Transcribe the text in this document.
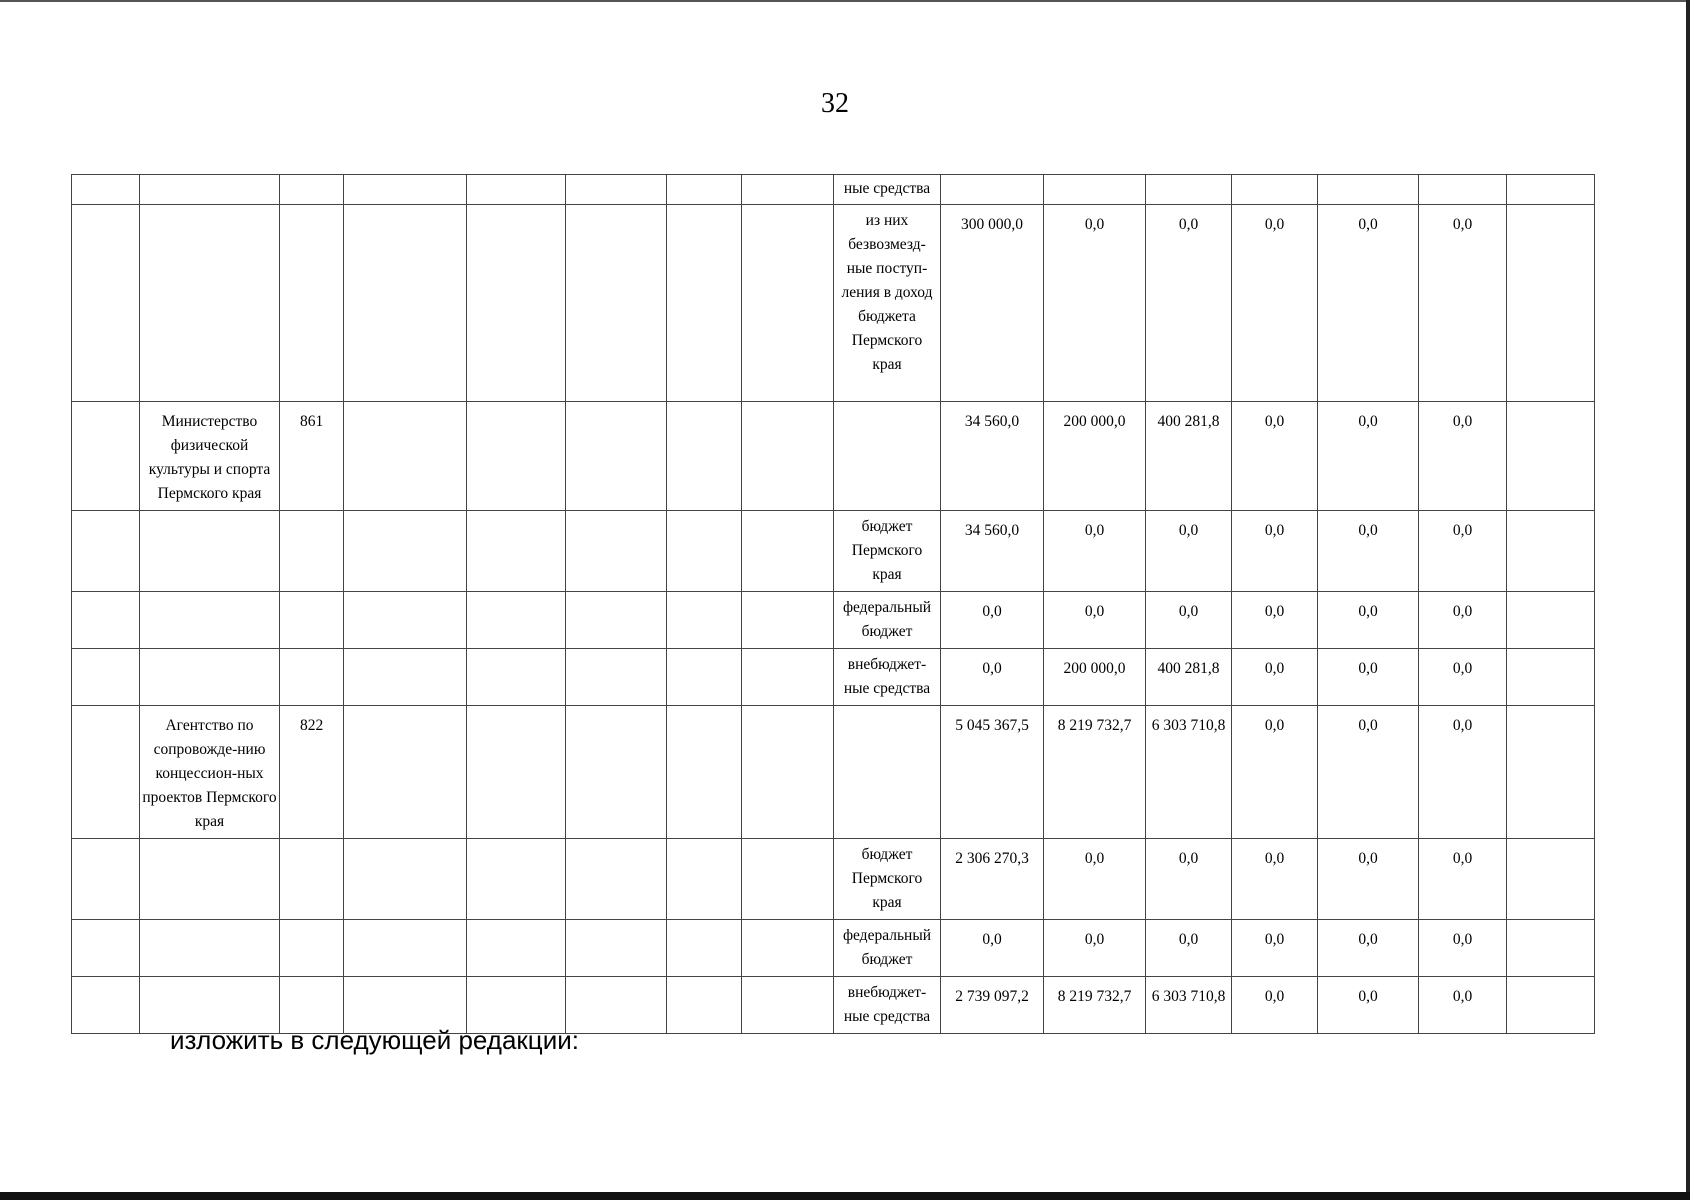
32
								ные средства							
								из них безвозмезд-ные поступ-ления в доход бюджета Пермского края	300 000,0	0,0	0,0	0,0	0,0	0,0	
	Министерство физической культуры и спорта Пермского края	861							34 560,0	200 000,0	400 281,8	0,0	0,0	0,0	
								бюджет Пермского края	34 560,0	0,0	0,0	0,0	0,0	0,0	
								федеральный бюджет	0,0	0,0	0,0	0,0	0,0	0,0	
								внебюджет-ные средства	0,0	200 000,0	400 281,8	0,0	0,0	0,0	
	Агентство по сопровожде-нию концессион-ных проектов Пермского края	822							5 045 367,5	8 219 732,7	6 303 710,8	0,0	0,0	0,0	
								бюджет Пермского края	2 306 270,3	0,0	0,0	0,0	0,0	0,0	
								федеральный бюджет	0,0	0,0	0,0	0,0	0,0	0,0	
								внебюджет-ные средства	2 739 097,2	8 219 732,7	6 303 710,8	0,0	0,0	0,0	
изложить в следующей редакции:
